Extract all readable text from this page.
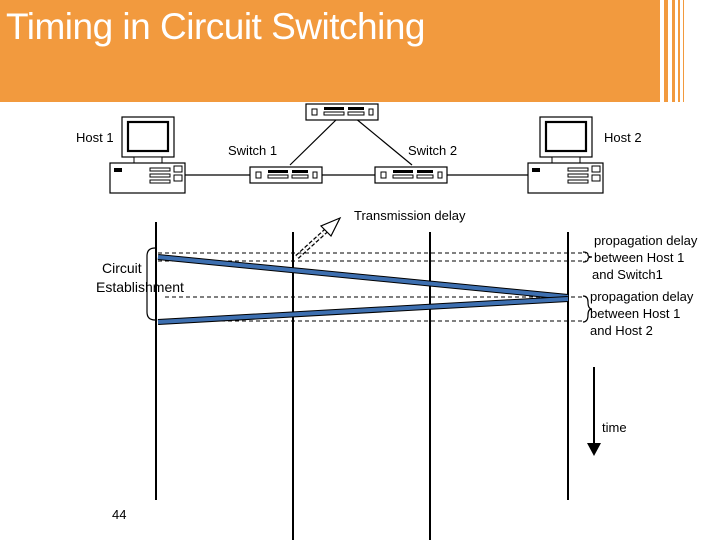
Timing in Circuit Switching
Host 1
Switch 1	Switch 2
Host 2
Transmission delay
Circuit
Establishment
propagation delay
between Host 1
and Switch1
propagation delay
between Host 1
and Host 2
time
44
